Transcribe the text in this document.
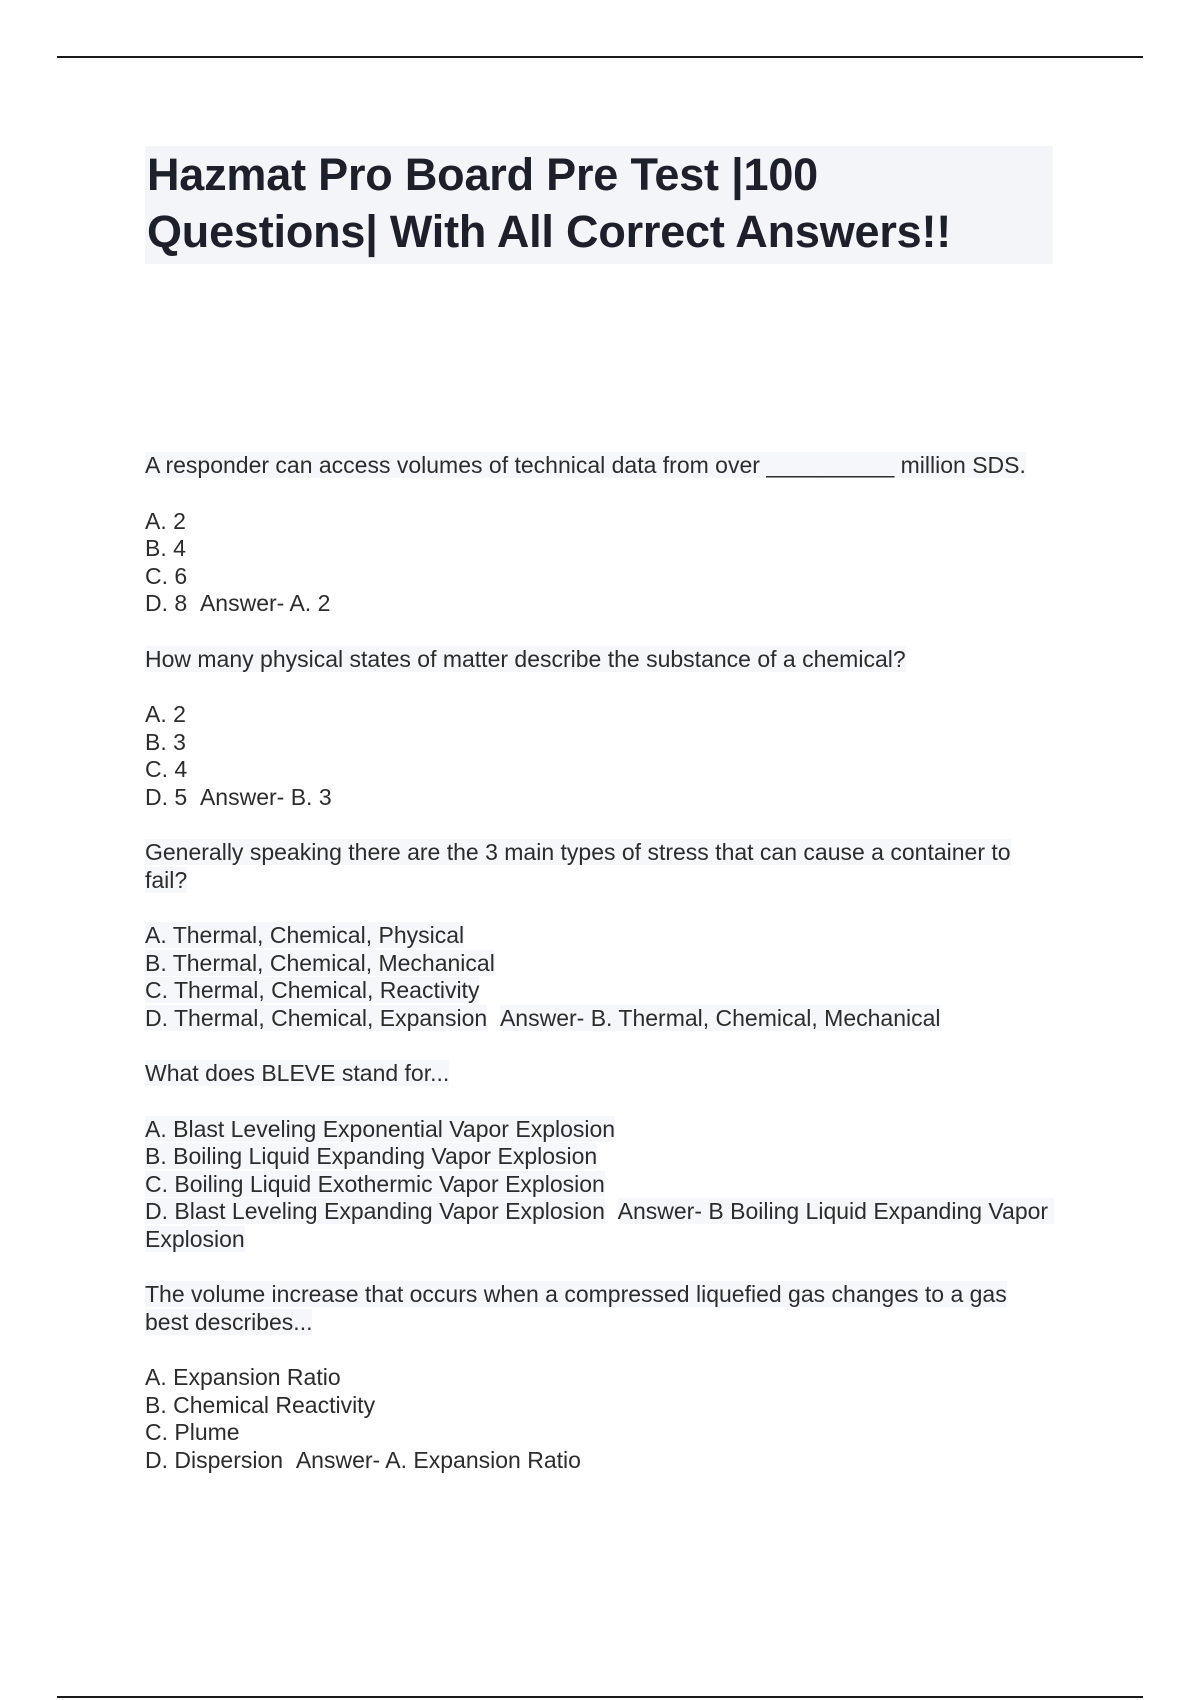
Hazmat Pro Board Pre Test |100 Questions| With All Correct Answers!!
A responder can access volumes of technical data from over __________ million SDS.
A. 2
B. 4
C. 6
D. 8 Answer- A. 2
How many physical states of matter describe the substance of a chemical?
A. 2
B. 3
C. 4
D. 5 Answer- B. 3
Generally speaking there are the 3 main types of stress that can cause a container to fail?
A. Thermal, Chemical, Physical
B. Thermal, Chemical, Mechanical
C. Thermal, Chemical, Reactivity
D. Thermal, Chemical, Expansion Answer- B. Thermal, Chemical, Mechanical
What does BLEVE stand for...
A. Blast Leveling Exponential Vapor Explosion
B. Boiling Liquid Expanding Vapor Explosion
C. Boiling Liquid Exothermic Vapor Explosion
D. Blast Leveling Expanding Vapor Explosion Answer- B Boiling Liquid Expanding Vapor Explosion
The volume increase that occurs when a compressed liquefied gas changes to a gas best describes...
A. Expansion Ratio
B. Chemical Reactivity
C. Plume
D. Dispersion Answer- A. Expansion Ratio
